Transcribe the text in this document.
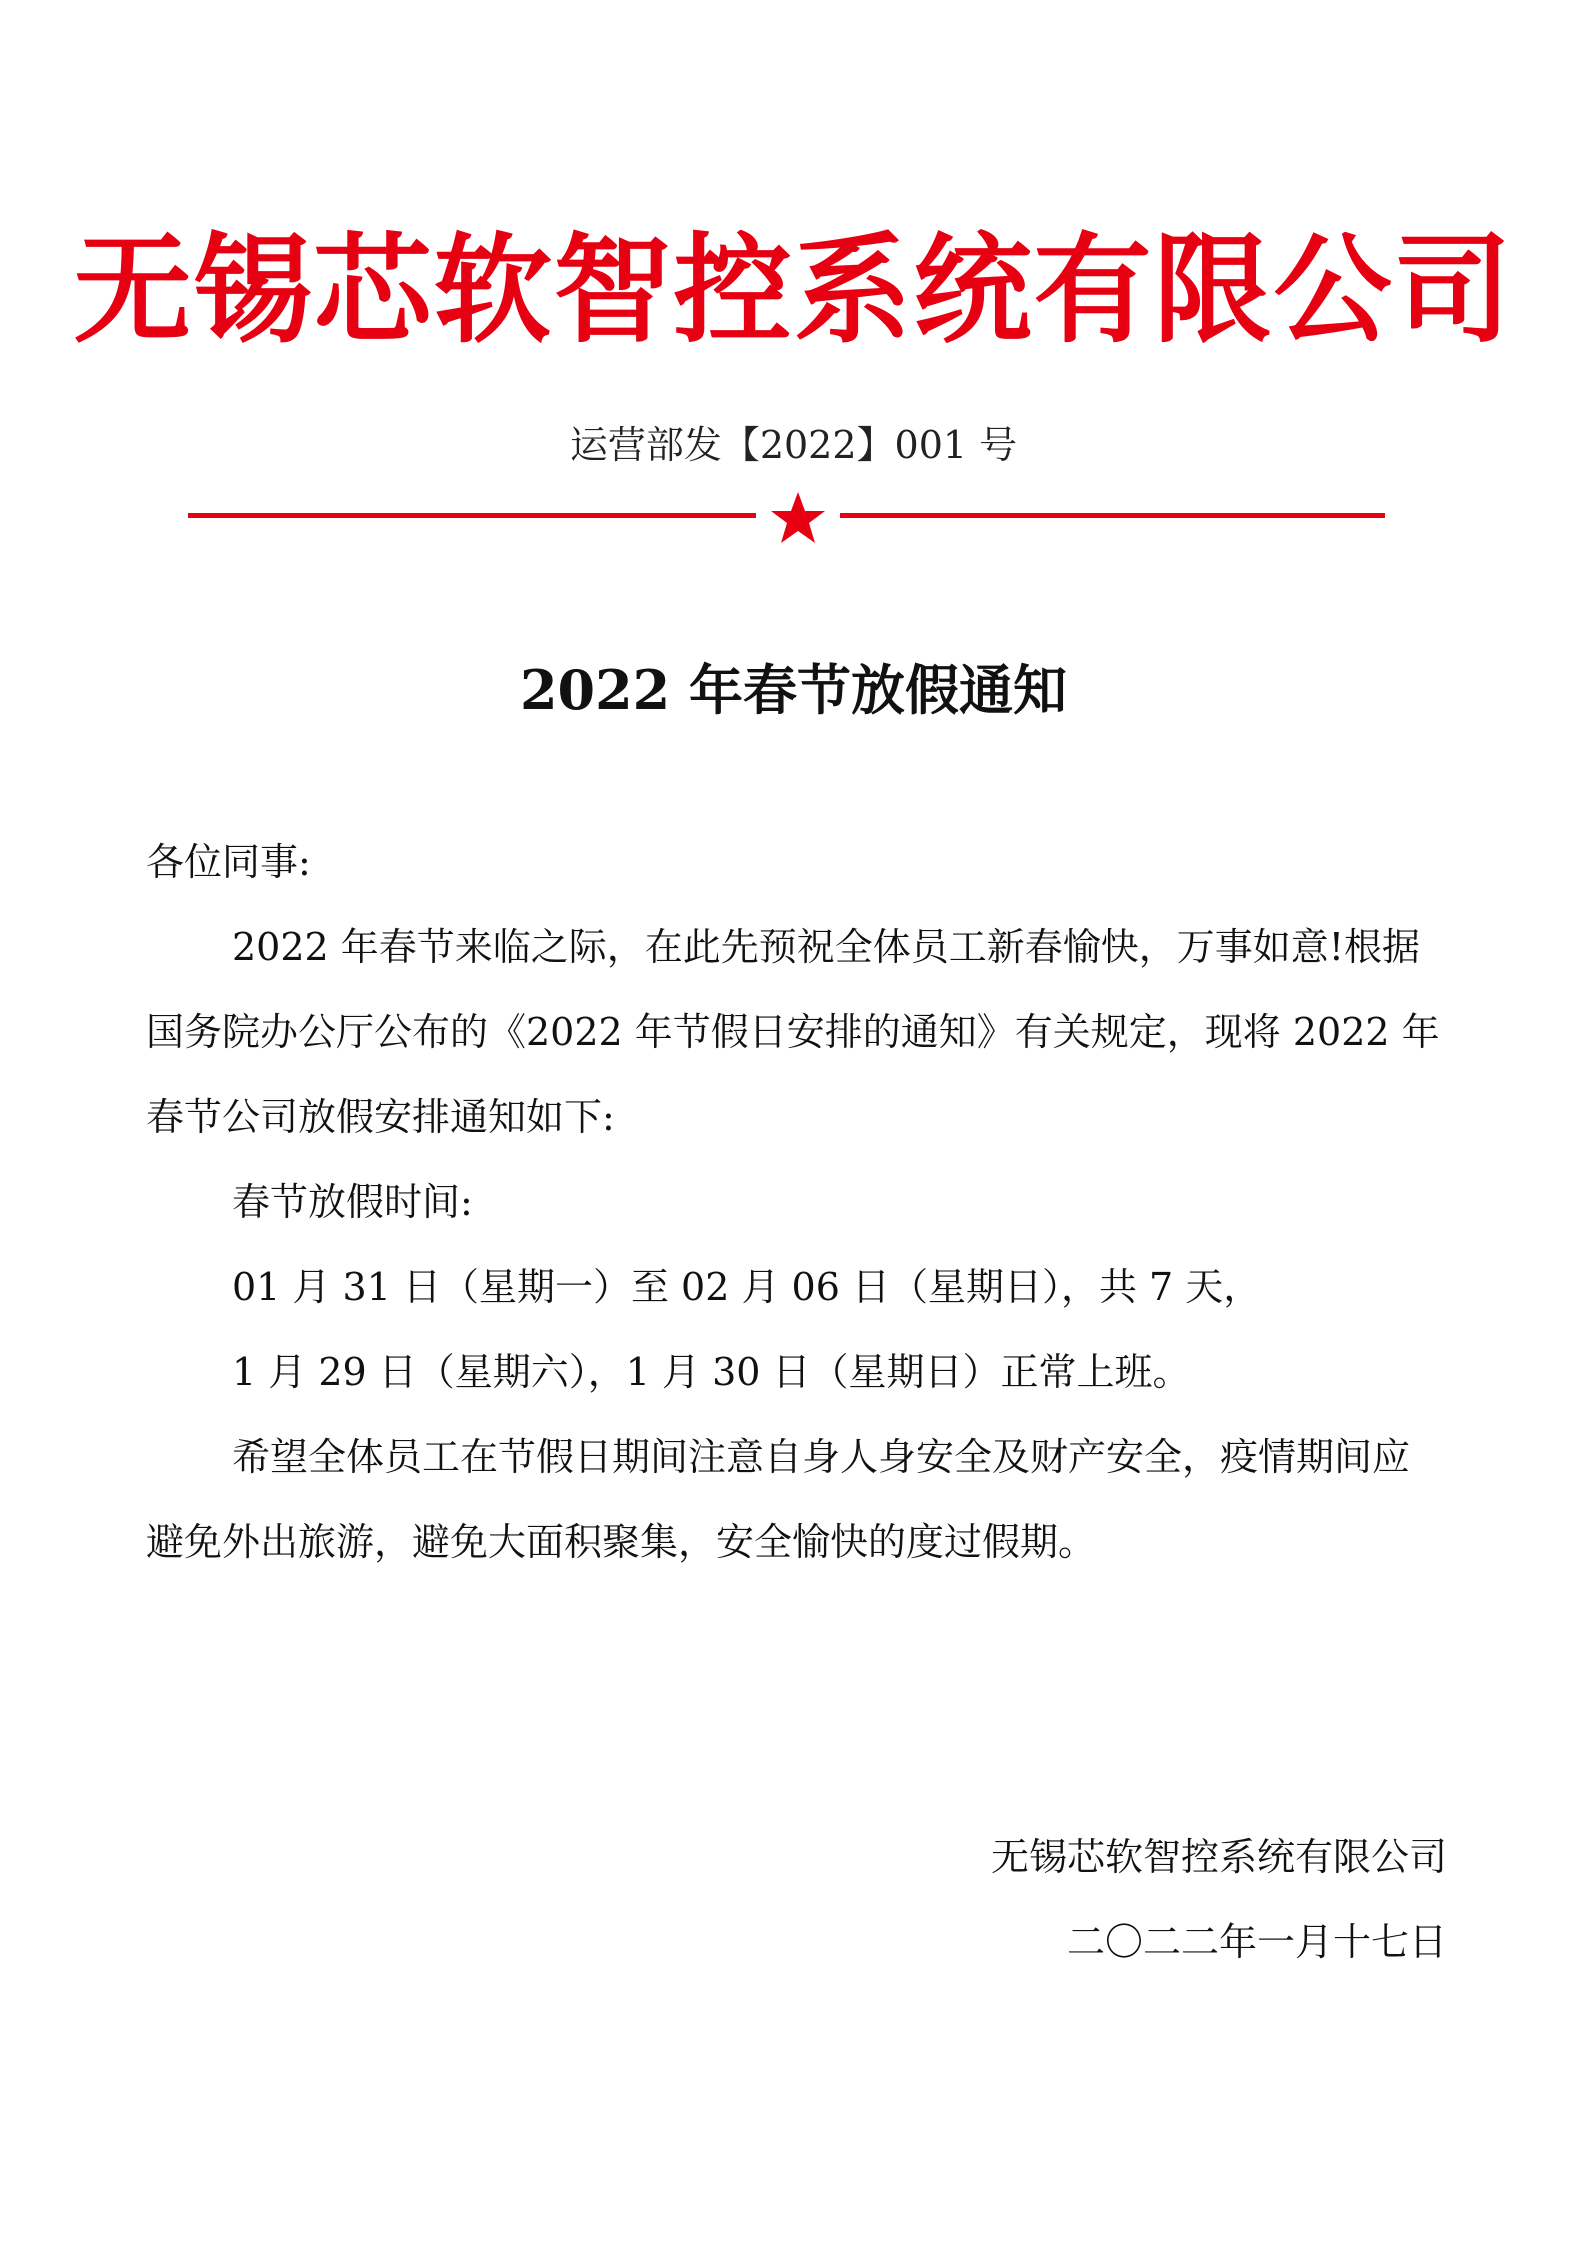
无锡芯软智控系统有限公司
运营部发【2022】001 号
2022 年春节放假通知

各位同事:

2022 年春节来临之际，在此先预祝全体员工新春愉快，万事如意!根据国务院办公厅公布的《2022 年节假日安排的通知》有关规定，现将 2022 年春节公司放假安排通知如下:

春节放假时间:

01 月 31 日（星期一）至 02 月 06 日（星期日），共 7 天，

1 月 29 日（星期六），1 月 30 日（星期日）正常上班。

希望全体员工在节假日期间注意自身人身安全及财产安全，疫情期间应避免外出旅游，避免大面积聚集，安全愉快的度过假期。

无锡芯软智控系统有限公司
二〇二二年一月十七日
